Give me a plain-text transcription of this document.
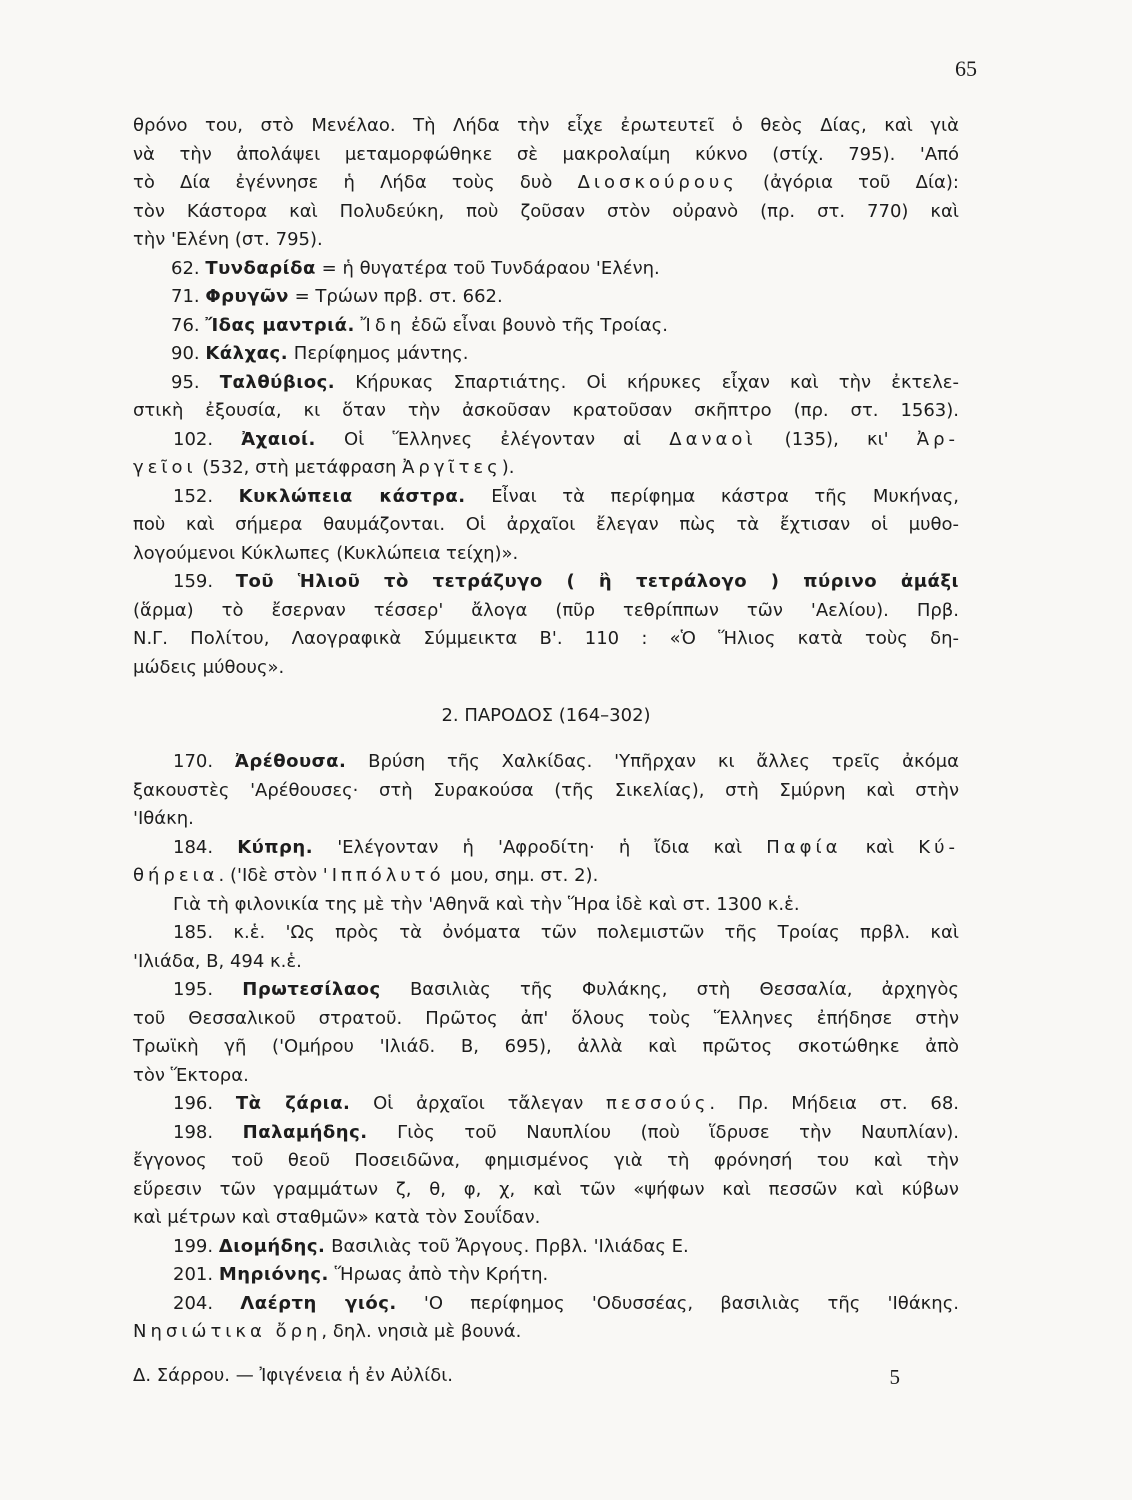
65
θρόνο του, στὸ Μενέλαο. Τὴ Λήδα τὴν εἶχε ἐρωτευτεῖ ὁ θεὸς Δίας, καὶ γιὰ
νὰ τὴν ἀπολάψει μεταμορφώθηκε σὲ μακρολαίμη κύκνο (στίχ. 795). 'Από
τὸ Δία ἐγέννησε ἡ Λήδα τοὺς δυὸ Διοσκούρους (ἀγόρια τοῦ Δία):
τὸν Κάστορα καὶ Πολυδεύκη, ποὺ ζοῦσαν στὸν οὐρανὸ (πρ. στ. 770) καὶ
τὴν 'Ελένη (στ. 795).
62. Τυνδαρίδα = ἡ θυγατέρα τοῦ Τυνδάραου 'Ελένη.
71. Φρυγῶν = Τρώων πρβ. στ. 662.
76. Ἴδας μαντριά. Ἴδη ἐδῶ εἶναι βουνὸ τῆς Τροίας.
90. Κάλχας. Περίφημος μάντης.
95. Ταλθύβιος. Κήρυκας Σπαρτιάτης. Οἱ κήρυκες εἶχαν καὶ τὴν ἐκτελε-
στικὴ ἐξουσία, κι ὅταν τὴν ἀσκοῦσαν κρατοῦσαν σκῆπτρο (πρ. στ. 1563).
102. Ἀχαιοί. Οἱ Ἕλληνες ἐλέγονταν αἱ Δαναοὶ (135), κι' Ἀρ-
γεῖοι (532, στὴ μετάφραση Ἀργῖτες).
152. Κυκλώπεια κάστρα. Εἶναι τὰ περίφημα κάστρα τῆς Μυκήνας,
ποὺ καὶ σήμερα θαυμάζονται. Οἱ ἀρχαῖοι ἔλεγαν πὼς τὰ ἔχτισαν οἱ μυθο-
λογούμενοι Κύκλωπες (Κυκλώπεια τείχη)».
159. Τοῦ Ἡλιοῦ τὸ τετράζυγο ( ἢ τετράλογο ) πύρινο ἀμάξι
(ἅρμα) τὸ ἔσερναν τέσσερ' ἄλογα (πῦρ τεθρίππων τῶν 'Αελίου). Πρβ.
Ν.Γ. Πολίτου, Λαογραφικὰ Σύμμεικτα Β'. 110 : «Ὁ Ἥλιος κατὰ τοὺς δη-
μώδεις μύθους».
2. ΠΑΡΟΔΟΣ (164–302)
170. Ἀρέθουσα. Βρύση τῆς Χαλκίδας. 'Υπῆρχαν κι ἄλλες τρεῖς ἀκόμα
ξακουστὲς 'Αρέθουσες· στὴ Συρακούσα (τῆς Σικελίας), στὴ Σμύρνη καὶ στὴν
'Ιθάκη.
184. Κύπρη. 'Ελέγονταν ἡ 'Αφροδίτη· ἡ ἴδια καὶ Παφία καὶ Κύ-
θήρεια. ('Ιδὲ στὸν 'Ιππόλυτό μου, σημ. στ. 2).
Γιὰ τὴ φιλονικία της μὲ τὴν 'Αθηνᾶ καὶ τὴν Ἥρα ἰδὲ καὶ στ. 1300 κ.ἑ.
185. κ.ἑ. 'Ως πρὸς τὰ ὀνόματα τῶν πολεμιστῶν τῆς Τροίας πρβλ. καὶ
'Ιλιάδα, Β, 494 κ.ἑ.
195. Πρωτεσίλαος Βασιλιὰς τῆς Φυλάκης, στὴ Θεσσαλία, ἀρχηγὸς
τοῦ Θεσσαλικοῦ στρατοῦ. Πρῶτος ἀπ' ὅλους τοὺς Ἕλληνες ἐπήδησε στὴν
Τρωϊκὴ γῆ ('Ομήρου 'Ιλιάδ. Β, 695), ἀλλὰ καὶ πρῶτος σκοτώθηκε ἀπὸ
τὸν Ἕκτορα.
196. Τὰ ζάρια. Οἱ ἀρχαῖοι τἄλεγαν πεσσούς. Πρ. Μήδεια στ. 68.
198. Παλαμήδης. Γιὸς τοῦ Ναυπλίου (ποὺ ἵδρυσε τὴν Ναυπλίαν).
ἔγγονος τοῦ θεοῦ Ποσειδῶνα, φημισμένος γιὰ τὴ φρόνησή του καὶ τὴν
εὕρεσιν τῶν γραμμάτων ζ, θ, φ, χ, καὶ τῶν «ψήφων καὶ πεσσῶν καὶ κύβων
καὶ μέτρων καὶ σταθμῶν» κατὰ τὸν Σουΐδαν.
199. Διομήδης. Βασιλιὰς τοῦ Ἄργους. Πρβλ. 'Ιλιάδας Ε.
201. Μηριόνης. Ἥρωας ἀπὸ τὴν Κρήτη.
204. Λαέρτη γιός. 'Ο περίφημος 'Οδυσσέας, βασιλιὰς τῆς 'Ιθάκης.
Νησιώτικα ὄρη, δηλ. νησιὰ μὲ βουνά.
Δ. Σάρρου. — Ἰφιγένεια ἡ ἐν Αὐλίδι.	5
